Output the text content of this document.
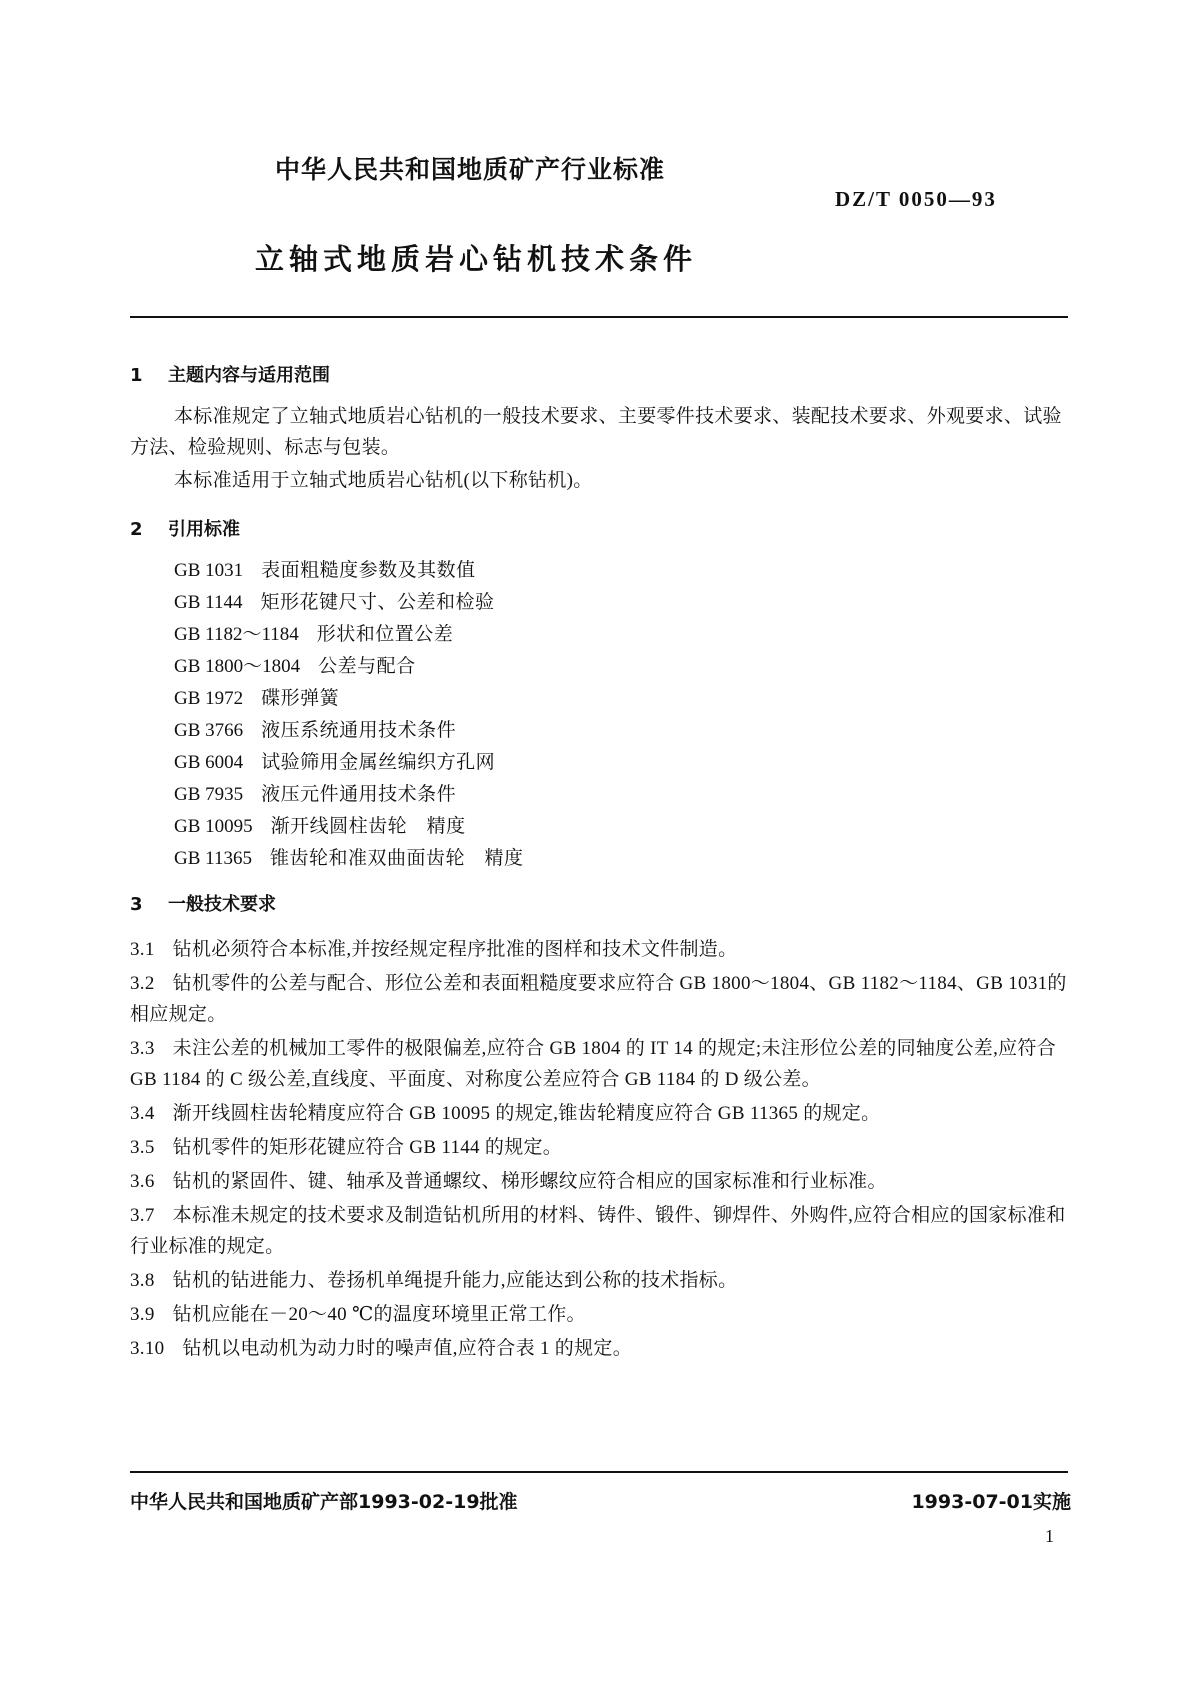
中华人民共和国地质矿产行业标准
DZ/T 0050—93
立轴式地质岩心钻机技术条件
1 主题内容与适用范围

本标准规定了立轴式地质岩心钻机的一般技术要求、主要零件技术要求、装配技术要求、外观要求、试验方法、检验规则、标志与包装。

本标准适用于立轴式地质岩心钻机(以下称钻机)。

2 引用标准
GB 1031 表面粗糙度参数及其数值
GB 1144 矩形花键尺寸、公差和检验
GB 1182～1184 形状和位置公差
GB 1800～1804 公差与配合
GB 1972 碟形弹簧
GB 3766 液压系统通用技术条件
GB 6004 试验筛用金属丝编织方孔网
GB 7935 液压元件通用技术条件
GB 10095 渐开线圆柱齿轮　精度
GB 11365 锥齿轮和准双曲面齿轮　精度
3 一般技术要求

3.1 钻机必须符合本标准,并按经规定程序批准的图样和技术文件制造。

3.2 钻机零件的公差与配合、形位公差和表面粗糙度要求应符合 GB 1800～1804、GB 1182～1184、GB 1031的相应规定。

3.3 未注公差的机械加工零件的极限偏差,应符合 GB 1804 的 IT 14 的规定;未注形位公差的同轴度公差,应符合 GB 1184 的 C 级公差,直线度、平面度、对称度公差应符合 GB 1184 的 D 级公差。

3.4 渐开线圆柱齿轮精度应符合 GB 10095 的规定,锥齿轮精度应符合 GB 11365 的规定。

3.5 钻机零件的矩形花键应符合 GB 1144 的规定。

3.6 钻机的紧固件、键、轴承及普通螺纹、梯形螺纹应符合相应的国家标准和行业标准。

3.7 本标准未规定的技术要求及制造钻机所用的材料、铸件、锻件、铆焊件、外购件,应符合相应的国家标准和行业标准的规定。

3.8 钻机的钻进能力、卷扬机单绳提升能力,应能达到公称的技术指标。

3.9 钻机应能在－20～40 ℃的温度环境里正常工作。

3.10 钻机以电动机为动力时的噪声值,应符合表 1 的规定。

中华人民共和国地质矿产部1993-02-19批准	1993-07-01实施
1
